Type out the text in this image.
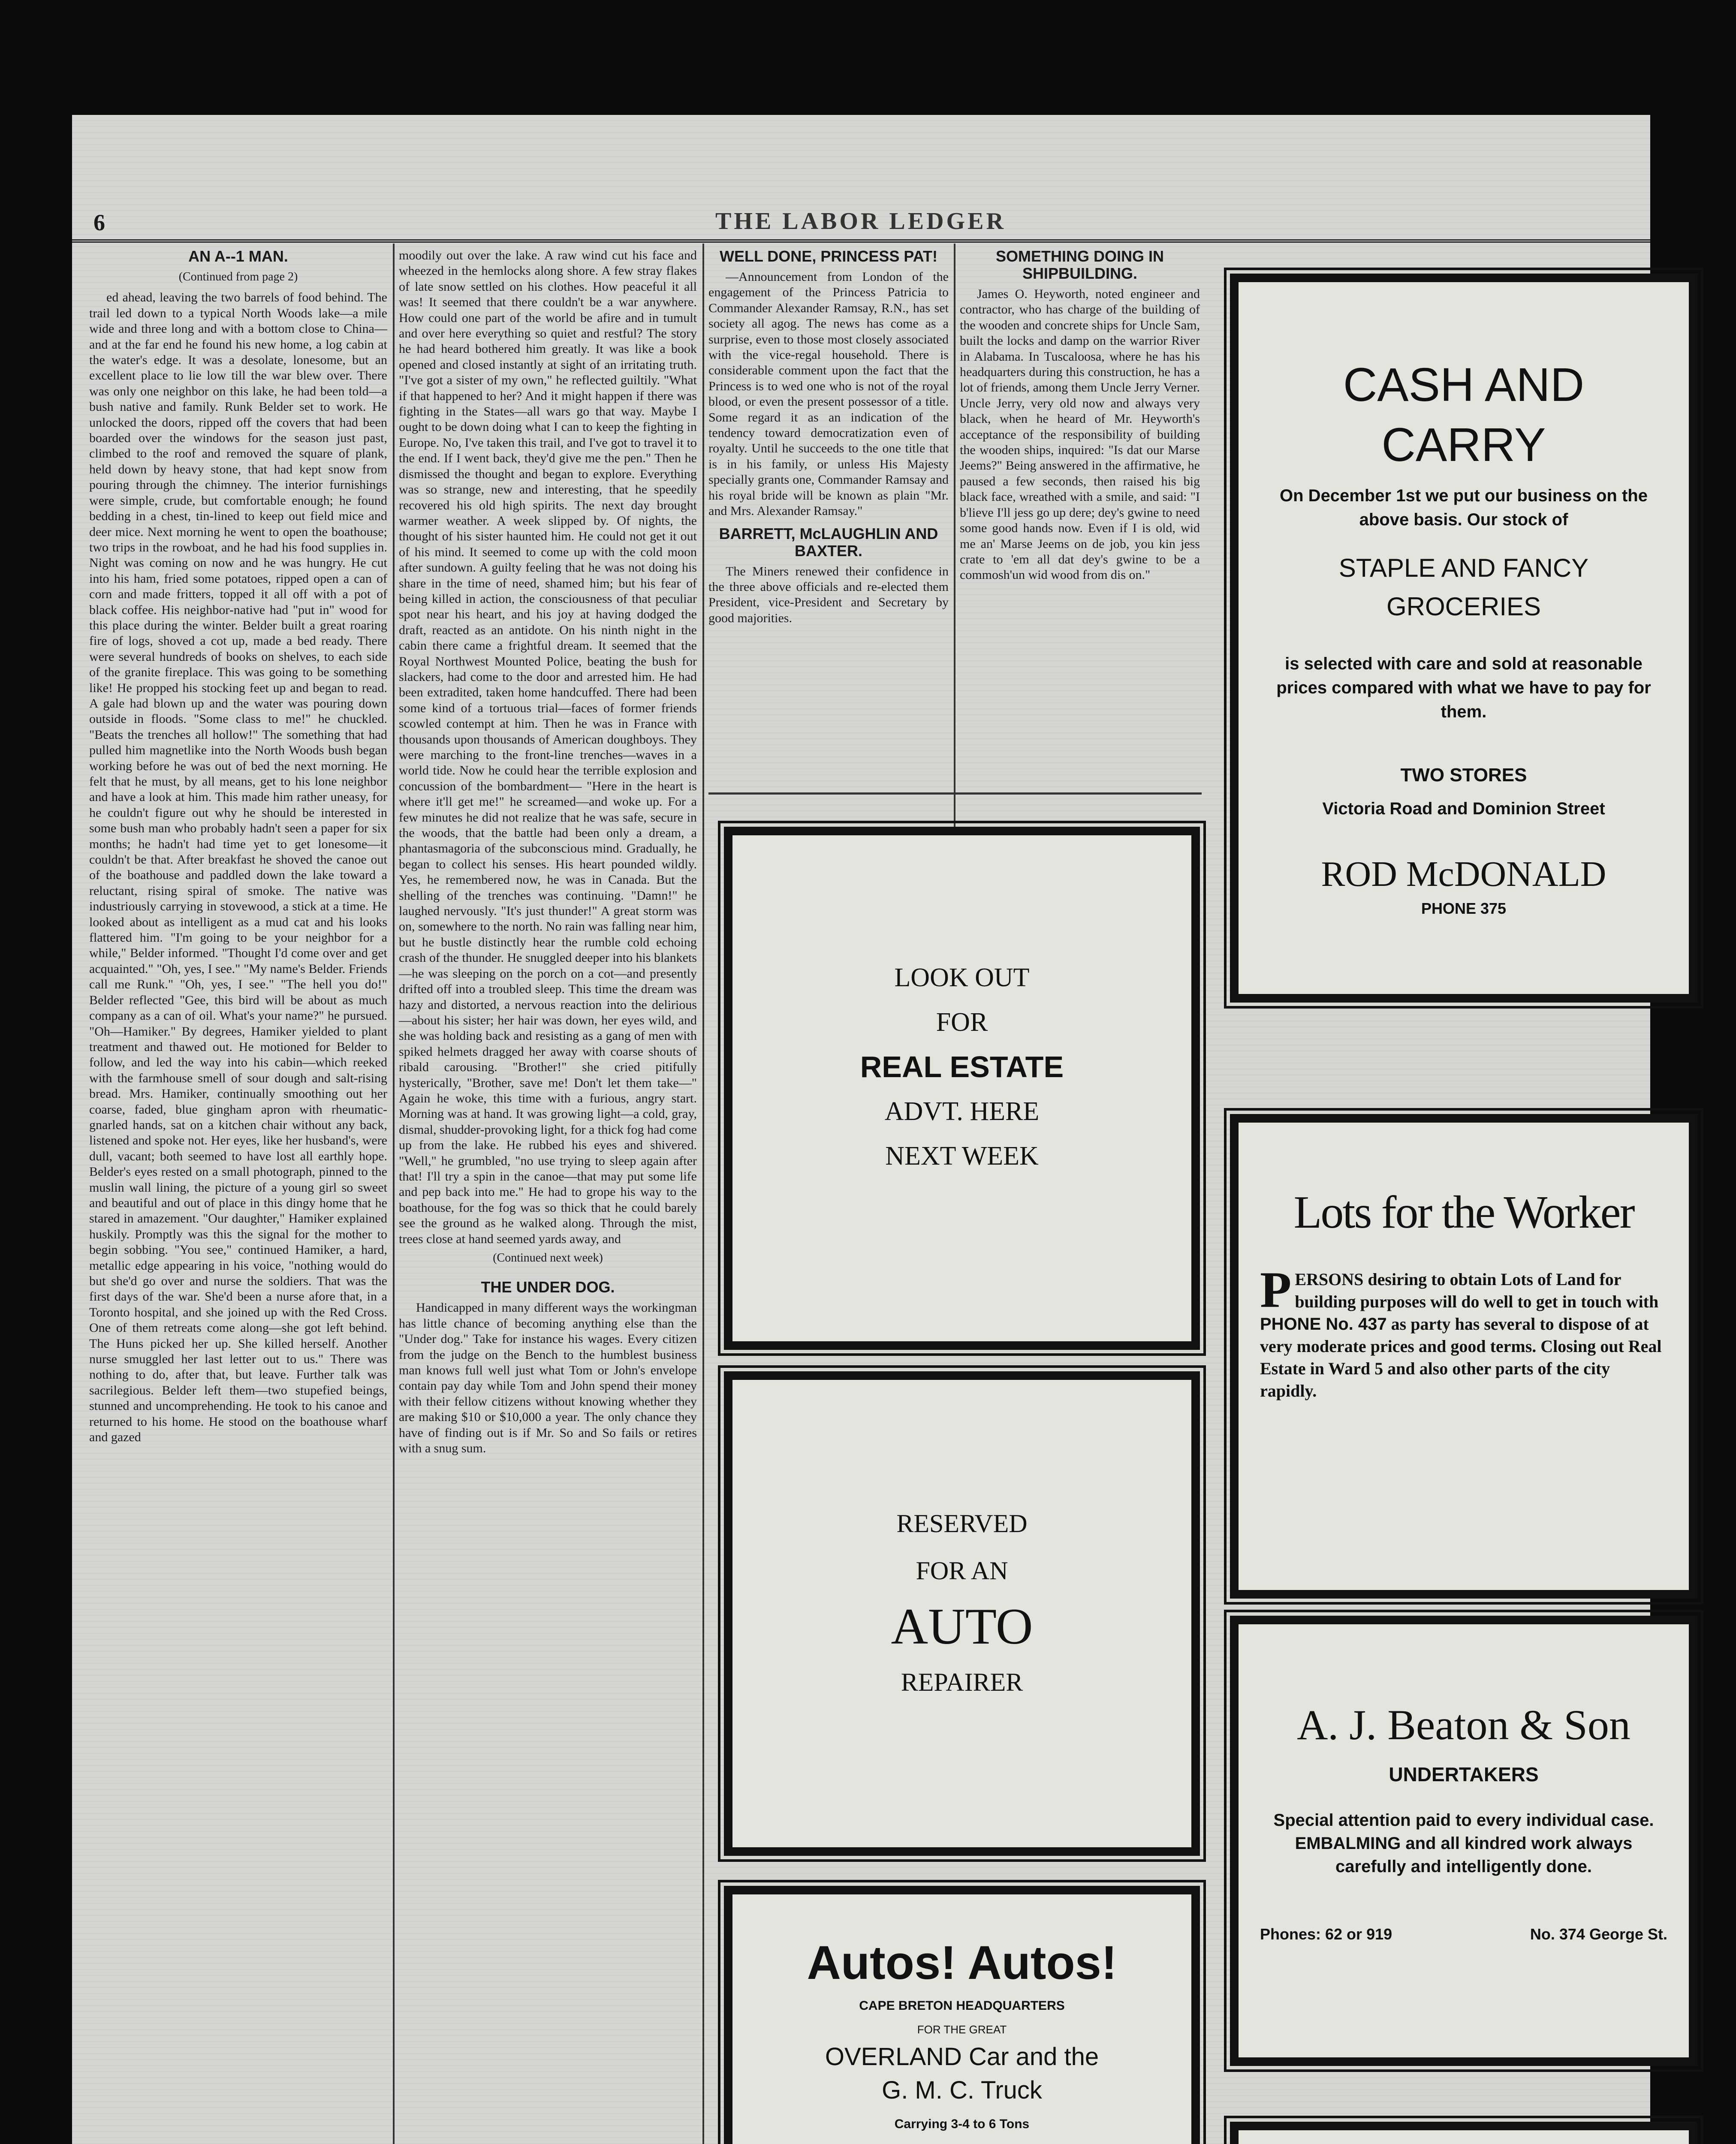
6	THE LABOR LEDGER
AN A--1 MAN.
(Continued from page 2)

ed ahead, leaving the two barrels of food behind. The trail led down to a typical North Woods lake—a mile wide and three long and with a bottom close to China—and at the far end he found his new home, a log cabin at the water's edge. It was a desolate, lonesome, but an excellent place to lie low till the war blew over. There was only one neighbor on this lake, he had been told—a bush native and family. Runk Belder set to work. He unlocked the doors, ripped off the covers that had been boarded over the windows for the season just past, climbed to the roof and removed the square of plank, held down by heavy stone, that had kept snow from pouring through the chimney. The interior furnishings were simple, crude, but comfortable enough; he found bedding in a chest, tin-lined to keep out field mice and deer mice. Next morning he went to open the boathouse; two trips in the rowboat, and he had his food supplies in. Night was coming on now and he was hungry. He cut into his ham, fried some potatoes, ripped open a can of corn and made fritters, topped it all off with a pot of black coffee. His neighbor-native had "put in" wood for this place during the winter. Belder built a great roaring fire of logs, shoved a cot up, made a bed ready. There were several hundreds of books on shelves, to each side of the granite fireplace. This was going to be something like! He propped his stocking feet up and began to read. A gale had blown up and the water was pouring down outside in floods. "Some class to me!" he chuckled. "Beats the trenches all hollow!" The something that had pulled him magnetlike into the North Woods bush began working before he was out of bed the next morning. He felt that he must, by all means, get to his lone neighbor and have a look at him. This made him rather uneasy, for he couldn't figure out why he should be interested in some bush man who probably hadn't seen a paper for six months; he hadn't had time yet to get lonesome—it couldn't be that. After breakfast he shoved the canoe out of the boathouse and paddled down the lake toward a reluctant, rising spiral of smoke. The native was industriously carrying in stovewood, a stick at a time. He looked about as intelligent as a mud cat and his looks flattered him. "I'm going to be your neighbor for a while," Belder informed. "Thought I'd come over and get acquainted." "Oh, yes, I see." "My name's Belder. Friends call me Runk." "Oh, yes, I see." "The hell you do!" Belder reflected "Gee, this bird will be about as much company as a can of oil. What's your name?" he pursued. "Oh—Hamiker." By degrees, Hamiker yielded to plant treatment and thawed out. He motioned for Belder to follow, and led the way into his cabin—which reeked with the farmhouse smell of sour dough and salt-rising bread. Mrs. Hamiker, continually smoothing out her coarse, faded, blue gingham apron with rheumatic-gnarled hands, sat on a kitchen chair without any back, listened and spoke not. Her eyes, like her husband's, were dull, vacant; both seemed to have lost all earthly hope. Belder's eyes rested on a small photograph, pinned to the muslin wall lining, the picture of a young girl so sweet and beautiful and out of place in this dingy home that he stared in amazement. "Our daughter," Hamiker explained huskily. Promptly was this the signal for the mother to begin sobbing. "You see," continued Hamiker, a hard, metallic edge appearing in his voice, "nothing would do but she'd go over and nurse the soldiers. That was the first days of the war. She'd been a nurse afore that, in a Toronto hospital, and she joined up with the Red Cross. One of them retreats come along—she got left behind. The Huns picked her up. She killed herself. Another nurse smuggled her last letter out to us." There was nothing to do, after that, but leave. Further talk was sacrilegious. Belder left them—two stupefied beings, stunned and uncomprehending. He took to his canoe and returned to his home. He stood on the boathouse wharf and gazed

moodily out over the lake. A raw wind cut his face and wheezed in the hemlocks along shore. A few stray flakes of late snow settled on his clothes. How peaceful it all was! It seemed that there couldn't be a war anywhere. How could one part of the world be afire and in tumult and over here everything so quiet and restful? The story he had heard bothered him greatly. It was like a book opened and closed instantly at sight of an irritating truth. "I've got a sister of my own," he reflected guiltily. "What if that happened to her? And it might happen if there was fighting in the States—all wars go that way. Maybe I ought to be down doing what I can to keep the fighting in Europe. No, I've taken this trail, and I've got to travel it to the end. If I went back, they'd give me the pen." Then he dismissed the thought and began to explore. Everything was so strange, new and interesting, that he speedily recovered his old high spirits. The next day brought warmer weather. A week slipped by. Of nights, the thought of his sister haunted him. He could not get it out of his mind. It seemed to come up with the cold moon after sundown. A guilty feeling that he was not doing his share in the time of need, shamed him; but his fear of being killed in action, the consciousness of that peculiar spot near his heart, and his joy at having dodged the draft, reacted as an antidote. On his ninth night in the cabin there came a frightful dream. It seemed that the Royal Northwest Mounted Police, beating the bush for slackers, had come to the door and arrested him. He had been extradited, taken home handcuffed. There had been some kind of a tortuous trial—faces of former friends scowled contempt at him. Then he was in France with thousands upon thousands of American doughboys. They were marching to the front-line trenches—waves in a world tide. Now he could hear the terrible explosion and concussion of the bombardment— "Here in the heart is where it'll get me!" he screamed—and woke up. For a few minutes he did not realize that he was safe, secure in the woods, that the battle had been only a dream, a phantasmagoria of the subconscious mind. Gradually, he began to collect his senses. His heart pounded wildly. Yes, he remembered now, he was in Canada. But the shelling of the trenches was continuing. "Damn!" he laughed nervously. "It's just thunder!" A great storm was on, somewhere to the north. No rain was falling near him, but he bustle distinctly hear the rumble cold echoing crash of the thunder. He snuggled deeper into his blankets—he was sleeping on the porch on a cot—and presently drifted off into a troubled sleep. This time the dream was hazy and distorted, a nervous reaction into the delirious—about his sister; her hair was down, her eyes wild, and she was holding back and resisting as a gang of men with spiked helmets dragged her away with coarse shouts of ribald carousing. "Brother!" she cried pitifully hysterically, "Brother, save me! Don't let them take—" Again he woke, this time with a furious, angry start. Morning was at hand. It was growing light—a cold, gray, dismal, shudder-provoking light, for a thick fog had come up from the lake. He rubbed his eyes and shivered. "Well," he grumbled, "no use trying to sleep again after that! I'll try a spin in the canoe—that may put some life and pep back into me." He had to grope his way to the boathouse, for the fog was so thick that he could barely see the ground as he walked along. Through the mist, trees close at hand seemed yards away, and

(Continued next week)
THE UNDER DOG.

Handicapped in many different ways the workingman has little chance of becoming anything else than the "Under dog." Take for instance his wages. Every citizen from the judge on the Bench to the humblest business man knows full well just what Tom or John's envelope contain pay day while Tom and John spend their money with their fellow citizens without knowing whether they are making $10 or $10,000 a year. The only chance they have of finding out is if Mr. So and So fails or retires with a snug sum.

WELL DONE, PRINCESS PAT!

—Announcement from London of the engagement of the Princess Patricia to Commander Alexander Ramsay, R.N., has set society all agog. The news has come as a surprise, even to those most closely associated with the vice-regal household. There is considerable comment upon the fact that the Princess is to wed one who is not of the royal blood, or even the present possessor of a title. Some regard it as an indication of the tendency toward democratization even of royalty. Until he succeeds to the one title that is in his family, or unless His Majesty specially grants one, Commander Ramsay and his royal bride will be known as plain "Mr. and Mrs. Alexander Ramsay."

BARRETT, McLAUGHLIN AND BAXTER.

The Miners renewed their confidence in the three above officials and re-elected them President, vice-President and Secretary by good majorities.

SOMETHING DOING IN SHIPBUILDING.

James O. Heyworth, noted engineer and contractor, who has charge of the building of the wooden and concrete ships for Uncle Sam, built the locks and damp on the warrior River in Alabama. In Tuscaloosa, where he has his headquarters during this construction, he has a lot of friends, among them Uncle Jerry Verner. Uncle Jerry, very old now and always very black, when he heard of Mr. Heyworth's acceptance of the responsibility of building the wooden ships, inquired: "Is dat our Marse Jeems?" Being answered in the affirmative, he paused a few seconds, then raised his big black face, wreathed with a smile, and said: "I b'lieve I'll jess go up dere; dey's gwine to need some good hands now. Even if I is old, wid me an' Marse Jeems on de job, you kin jess crate to 'em all dat dey's gwine to be a commosh'un wid wood from dis on."

LOOK OUT
FOR
REAL ESTATE
ADVT. HERE
NEXT WEEK
RESERVED
FOR AN
AUTO
REPAIRER
Autos! Autos!
CAPE BRETON HEADQUARTERS
FOR THE GREAT
OVERLAND Car and the
G. M. C. Truck
Carrying 3-4 to 6 Tons
CASH AND CARRY
On December 1st we put our business on the above basis. Our stock of
STAPLE AND FANCY GROCERIES
is selected with care and sold at reasonable prices compared with what we have to pay for them.
TWO STORES
Victoria Road and Dominion Street
ROD McDONALD
PHONE 375
Lots for the Worker
P ERSONS desiring to obtain Lots of Land for building purposes will do well to get in touch with PHONE No. 437 as party has several to dispose of at very moderate prices and good terms. Closing out Real Estate in Ward 5 and also other parts of the city rapidly.
A. J. Beaton & Son
UNDERTAKERS
Special attention paid to every individual case. EMBALMING and all kindred work always carefully and intelligently done.
Phones: 62 or 919	No. 374 George St.
